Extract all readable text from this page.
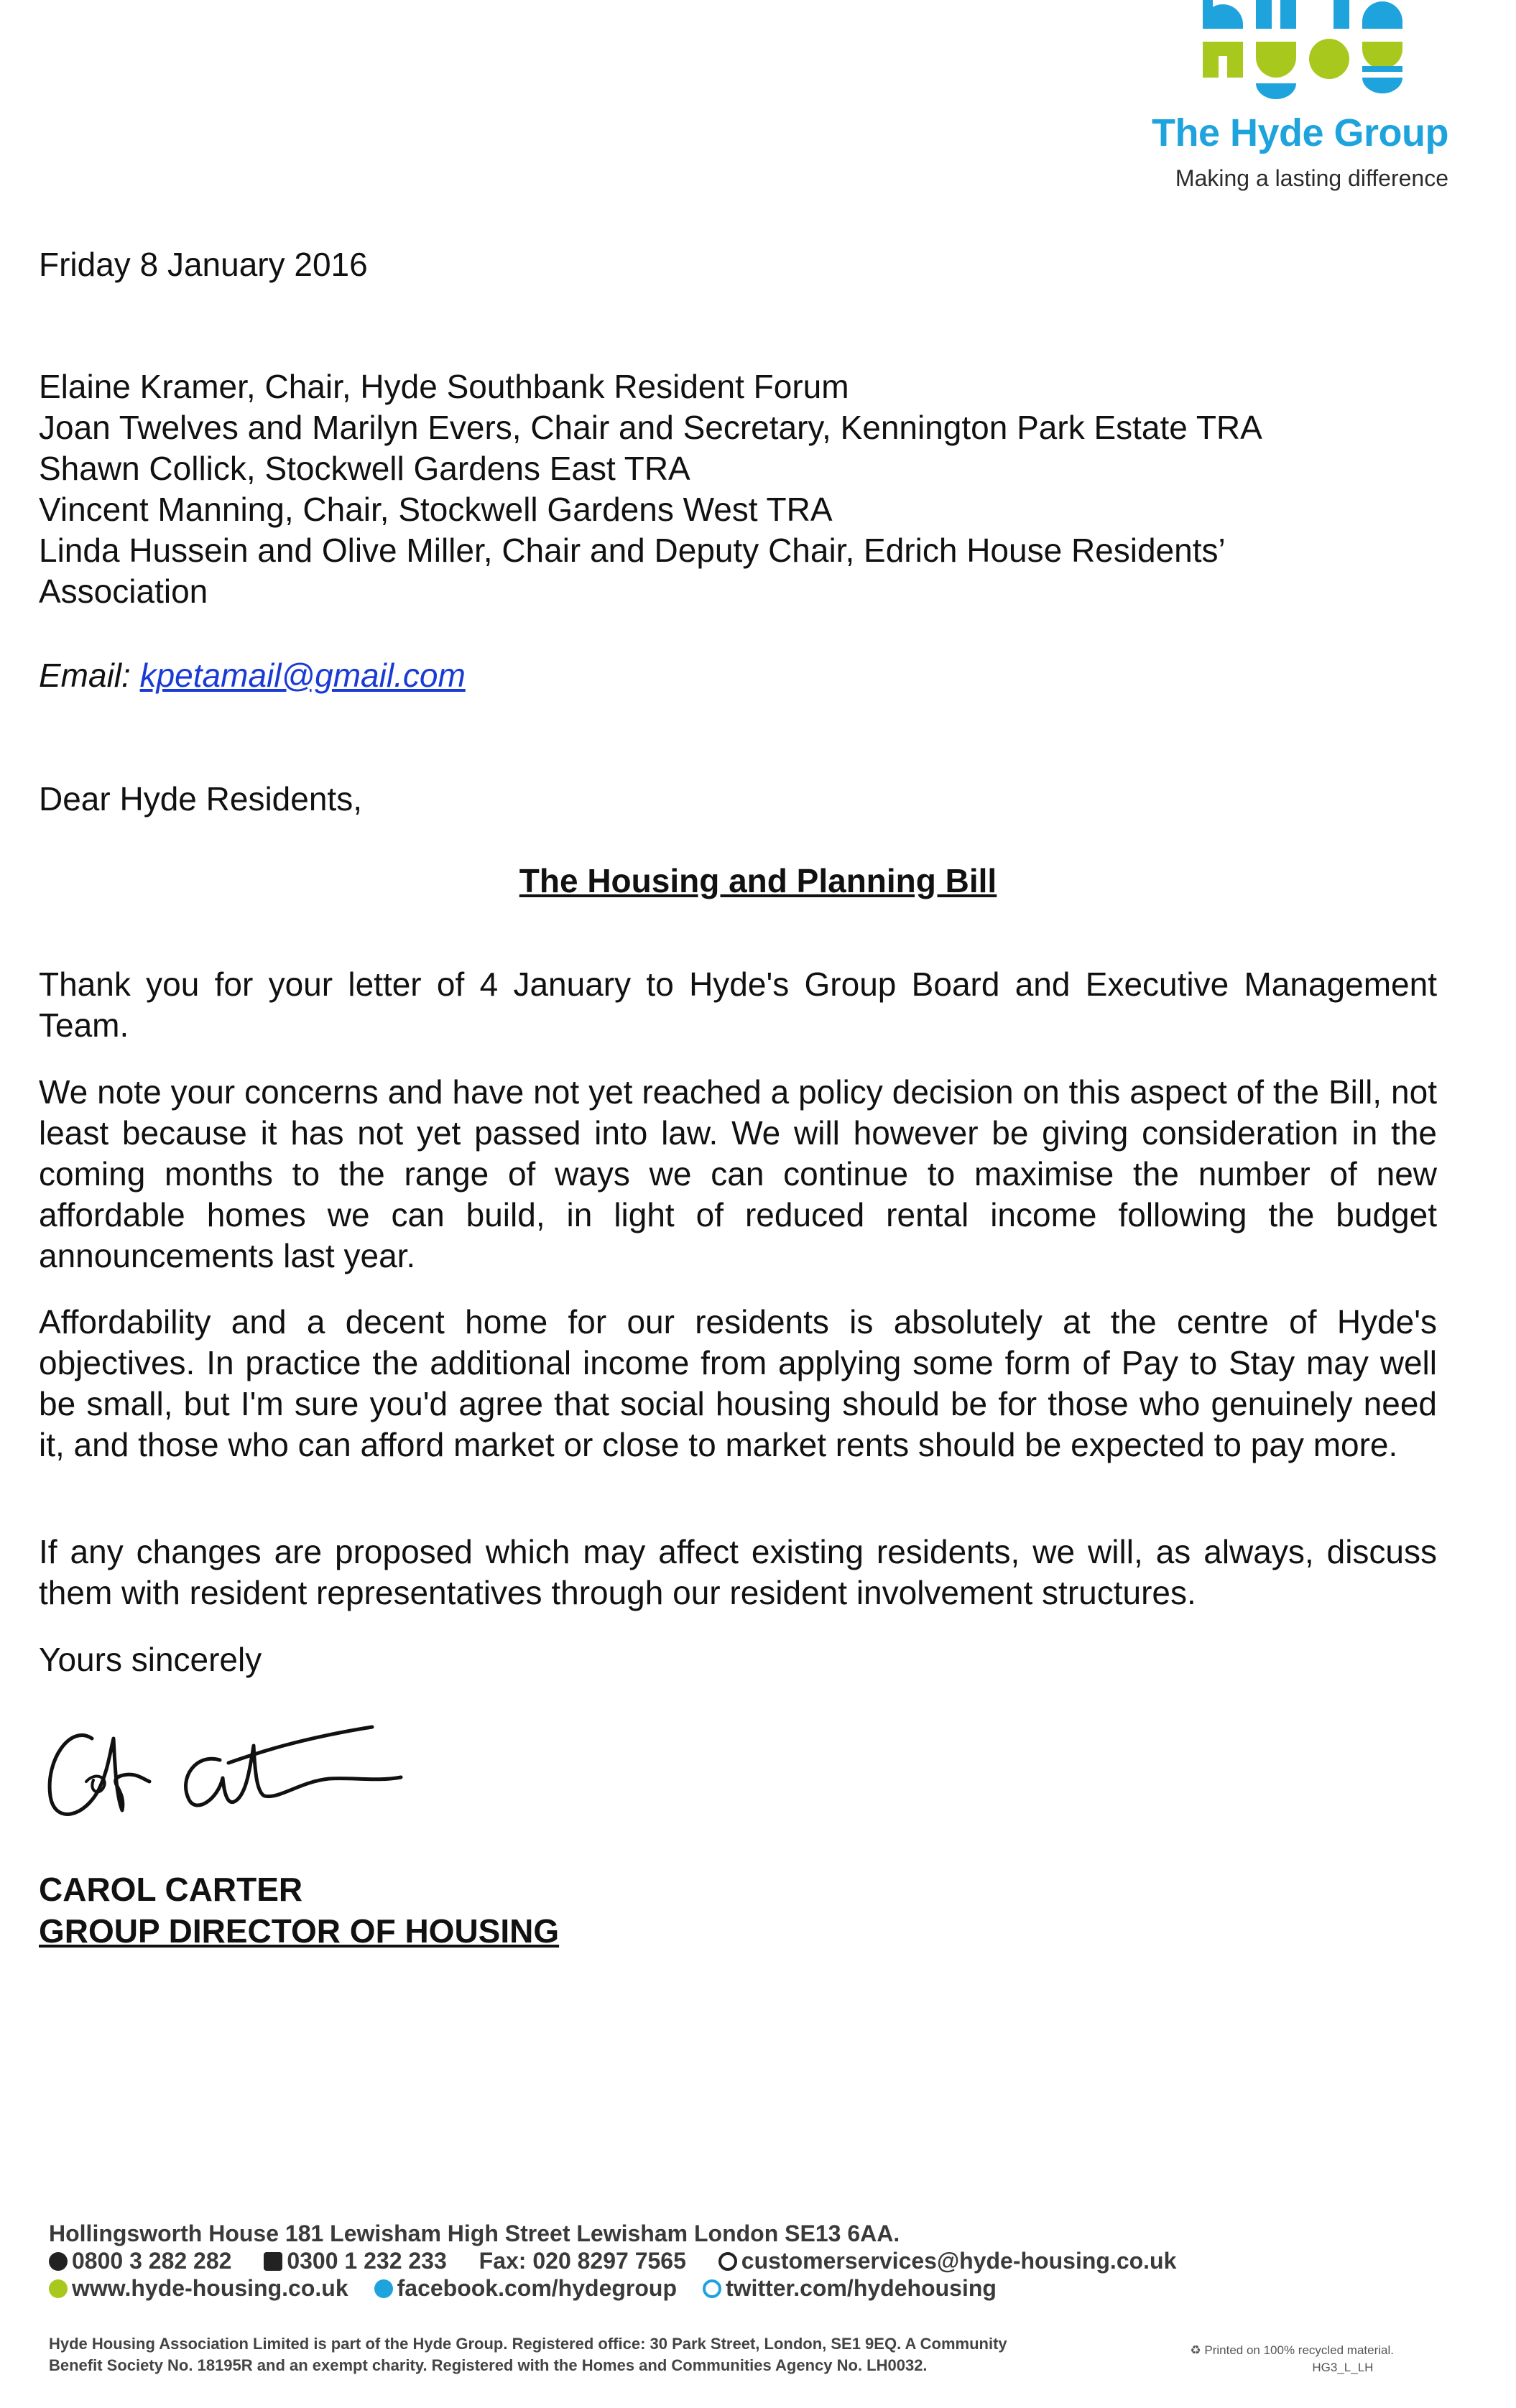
The Hyde Group
Making a lasting difference
Friday 8 January 2016
Elaine Kramer, Chair, Hyde Southbank Resident Forum
Joan Twelves and Marilyn Evers, Chair and Secretary, Kennington Park Estate TRA
Shawn Collick, Stockwell Gardens East TRA
Vincent Manning, Chair, Stockwell Gardens West TRA
Linda Hussein and Olive Miller, Chair and Deputy Chair, Edrich House Residents’
Association
Email: kpetamail@gmail.com
Dear Hyde Residents,
The Housing and Planning Bill

Thank you for your letter of 4 January to Hyde's Group Board and Executive Management Team.

We note your concerns and have not yet reached a policy decision on this aspect of the Bill, not least because it has not yet passed into law. We will however be giving consideration in the coming months to the range of ways we can continue to maximise the number of new affordable homes we can build, in light of reduced rental income following the budget announcements last year.

Affordability and a decent home for our residents is absolutely at the centre of Hyde's objectives. In practice the additional income from applying some form of Pay to Stay may well be small, but I'm sure you'd agree that social housing should be for those who genuinely need it, and those who can afford market or close to market rents should be expected to pay more.

If any changes are proposed which may affect existing residents, we will, as always, discuss them with resident representatives through our resident involvement structures.

Yours sincerely
CAROL CARTER
GROUP DIRECTOR OF HOUSING
Hollingsworth House 181 Lewisham High Street Lewisham London SE13 6AA.
0800 3 282 282 0300 1 232 233 Fax: 020 8297 7565 customerservices@hyde-housing.co.uk
www.hyde-housing.co.uk facebook.com/hydegroup twitter.com/hydehousing
Hyde Housing Association Limited is part of the Hyde Group. Registered office: 30 Park Street, London, SE1 9EQ. A Community Benefit Society No. 18195R and an exempt charity. Registered with the Homes and Communities Agency No. LH0032.
♻ Printed on 100% recycled material.
HG3_L_LH
